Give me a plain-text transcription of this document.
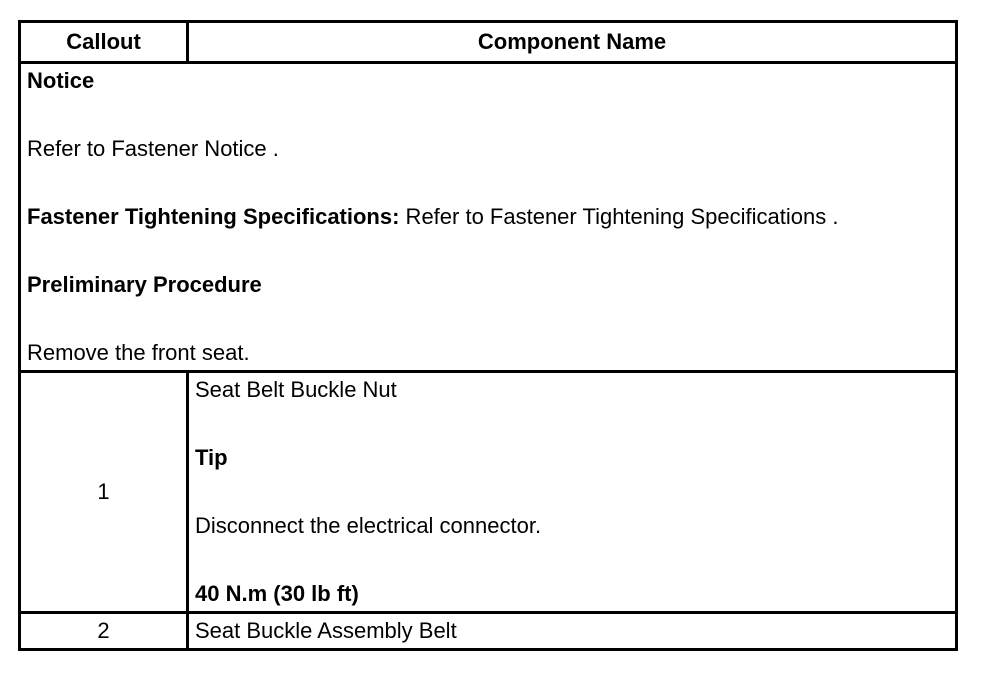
Callout	Component Name

Notice

Refer to Fastener Notice .

Fastener Tightening Specifications: Refer to Fastener Tightening Specifications .

Preliminary Procedure

Remove the front seat.	

1	Seat Belt Buckle Nut

Tip

Disconnect the electrical connector.

40 N.m (30 lb ft)

2	Seat Buckle Assembly Belt
